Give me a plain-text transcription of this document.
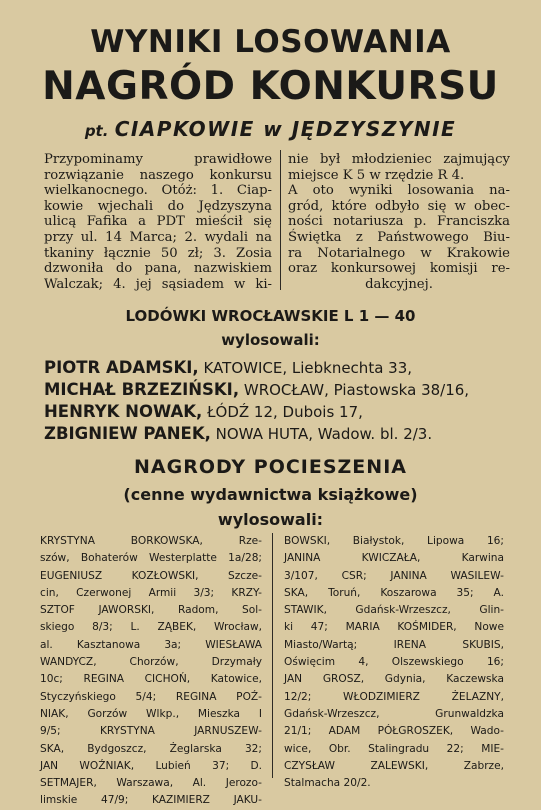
WYNIKI LOSOWANIA
NAGRÓD KONKURSU
pt. CIAPKOWIE w JĘDZYSZYNIE
Przypominamy prawidłowe
rozwiązanie naszego konkursu
wielkanocnego. Otóż: 1. Ciap-
kowie wjechali do Jędzyszyna
ulicą Fafika a PDT mieścił się
przy ul. 14 Marca; 2. wydali na
tkaniny łącznie 50 zł; 3. Zosia
dzwoniła do pana, nazwiskiem
Walczak; 4. jej sąsiadem w ki-
nie był młodzieniec zajmujący
miejsce K 5 w rzędzie R 4.
A oto wyniki losowania na-
gród, które odbyło się w obec-
ności notariusza p. Franciszka
Świętka z Państwowego Biu-
ra Notarialnego w Krakowie
oraz konkursowej komisji re-
dakcyjnej.
LODÓWKI WROCŁAWSKIE L 1 — 40
wylosowali:
PIOTR ADAMSKI, KATOWICE, Liebknechta 33,
MICHAŁ BRZEZIŃSKI, WROCŁAW, Piastowska 38/16,
HENRYK NOWAK, ŁÓDŹ 12, Dubois 17,
ZBIGNIEW PANEK, NOWA HUTA, Wadow. bl. 2/3.
NAGRODY POCIESZENIA
(cenne wydawnictwa książkowe)
wylosowali:
KRYSTYNA BORKOWSKA, Rze-
szów, Bohaterów Westerplatte 1a/28;
EUGENIUSZ KOZŁOWSKI, Szcze-
cin, Czerwonej Armii 3/3; KRZY-
SZTOF JAWORSKI, Radom, Sol-
skiego 8/3; L. ZĄBEK, Wrocław,
al. Kasztanowa 3a; WIESŁAWA
WANDYCZ, Chorzów, Drzymały
10c; REGINA CICHOŃ, Katowice,
Styczyńskiego 5/4; REGINA POŹ-
NIAK, Gorzów Wlkp., Mieszka I
9/5; KRYSTYNA JARNUSZEW-
SKA, Bydgoszcz, Żeglarska 32;
JAN WOŹNIAK, Lubień 37; D.
SETMAJER, Warszawa, Al. Jerozo-
limskie 47/9; KAZIMIERZ JAKU-
BOWSKI, Białystok, Lipowa 16;
JANINA KWICZAŁA, Karwina
3/107, CSR; JANINA WASILEW-
SKA, Toruń, Koszarowa 35; A.
STAWIK, Gdańsk-Wrzeszcz, Glin-
ki 47; MARIA KOŚMIDER, Nowe
Miasto/Wartą; IRENA SKUBIS,
Oświęcim 4, Olszewskiego 16;
JAN GROSZ, Gdynia, Kaczewska
12/2; WŁODZIMIERZ ŻELAZNY,
Gdańsk-Wrzeszcz, Grunwaldzka
21/1; ADAM PÓŁGROSZEK, Wado-
wice, Obr. Stalingradu 22; MIE-
CZYSŁAW ZALEWSKI, Zabrze,
Stalmacha 20/2.
